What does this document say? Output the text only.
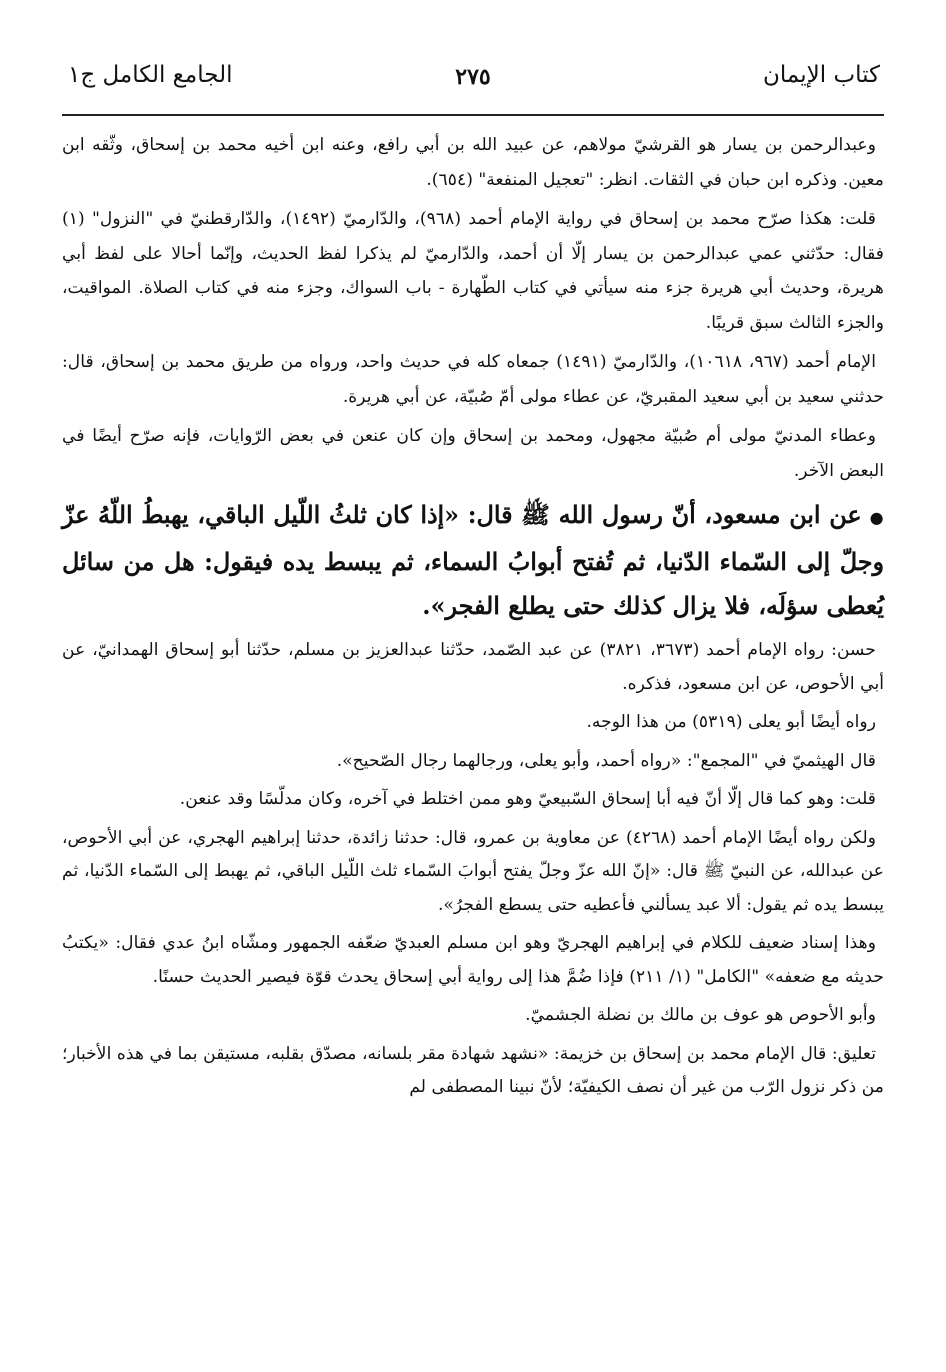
كتاب الإيمان
٢٧٥
الجامع الكامل ج١

وعبدالرحمن بن يسار هو القرشيّ مولاهم، عن عبيد الله بن أبي رافع، وعنه ابن أخيه محمد بن إسحاق، وثّقه ابن معين. وذكره ابن حبان في الثقات. انظر: "تعجيل المنفعة" (٦٥٤).

قلت: هكذا صرّح محمد بن إسحاق في رواية الإمام أحمد (٩٦٨)، والدّارميّ (١٤٩٢)، والدّارقطنيّ في "النزول" (١) فقال: حدّثني عمي عبدالرحمن بن يسار إلّا أن أحمد، والدّارميّ لم يذكرا لفظ الحديث، وإنّما أحالا على لفظ أبي هريرة، وحديث أبي هريرة جزء منه سيأتي في كتاب الطّهارة - باب السواك، وجزء منه في كتاب الصلاة. المواقيت، والجزء الثالث سبق قريبًا.

الإمام أحمد (٩٦٧، ١٠٦١٨)، والدّارميّ (١٤٩١) جمعاه كله في حديث واحد، ورواه من طريق محمد بن إسحاق، قال: حدثني سعيد بن أبي سعيد المقبريّ، عن عطاء مولى أمّ صُبيّة، عن أبي هريرة.

وعطاء المدنيّ مولى أم صُبيّة مجهول، ومحمد بن إسحاق وإن كان عنعن في بعض الرّوايات، فإنه صرّح أيضًا في البعض الآخر.

●عن ابن مسعود، أنّ رسول الله ﷺ قال: «إذا كان ثلثُ اللّيل الباقي، يهبطُ اللّهُ عزّ وجلّ إلى السّماء الدّنيا، ثم تُفتح أبوابُ السماء، ثم يبسط يده فيقول: هل من سائل يُعطى سؤلَه، فلا يزال كذلك حتى يطلع الفجر».

حسن: رواه الإمام أحمد (٣٦٧٣، ٣٨٢١) عن عبد الصّمد، حدّثنا عبدالعزيز بن مسلم، حدّثنا أبو إسحاق الهمدانيّ، عن أبي الأحوص، عن ابن مسعود، فذكره.

رواه أيضًا أبو يعلى (٥٣١٩) من هذا الوجه.

قال الهيثميّ في "المجمع": «رواه أحمد، وأبو يعلى، ورجالهما رجال الصّحيح».

قلت: وهو كما قال إلّا أنّ فيه أبا إسحاق السّبيعيّ وهو ممن اختلط في آخره، وكان مدلّسًا وقد عنعن.

ولكن رواه أيضًا الإمام أحمد (٤٢٦٨) عن معاوية بن عمرو، قال: حدثنا زائدة، حدثنا إبراهيم الهجري، عن أبي الأحوص، عن عبدالله، عن النبيّ ﷺ قال: «إنّ الله عزّ وجلّ يفتح أبوابَ السّماء ثلث اللّيل الباقي، ثم يهبط إلى السّماء الدّنيا، ثم يبسط يده ثم يقول: ألا عبد يسألني فأعطيه حتى يسطع الفجرُ».

وهذا إسناد ضعيف للكلام في إبراهيم الهجريّ وهو ابن مسلم العبديّ ضعّفه الجمهور ومشّاه ابنُ عدي فقال: «يكتبُ حديثه مع ضعفه» "الكامل" (١/ ٢١١) فإذا ضُمَّ هذا إلى رواية أبي إسحاق يحدث قوّة فيصير الحديث حسنًا.

وأبو الأحوص هو عوف بن مالك بن نضلة الجشميّ.

تعليق: قال الإمام محمد بن إسحاق بن خزيمة: «نشهد شهادة مقر بلسانه، مصدّق بقلبه، مستيقن بما في هذه الأخبار؛ من ذكر نزول الرّب من غير أن نصف الكيفيّة؛ لأنّ نبينا المصطفى لم
